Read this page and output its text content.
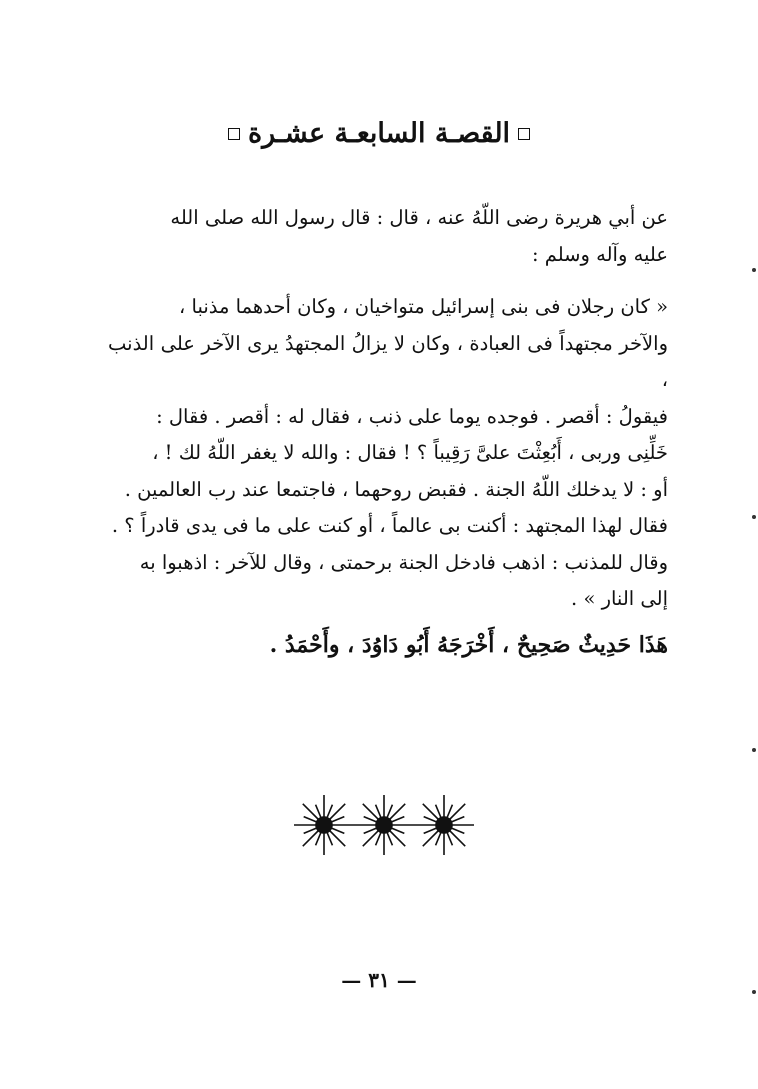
القصـة السابعـة عشـرة

عن أبي هريرة رضى اللّهُ عنه ، قال : قال رسول الله صلى الله

عليه وآله وسلم :

« كان رجلان فى بنى إسرائيل متواخيان ، وكان أحدهما مذنبا ،

والآخر مجتهداً فى العبادة ، وكان لا يزالُ المجتهدُ يرى الآخر على الذنب ،

فيقولُ : أقصر . فوجده يوما على ذنب ، فقال له : أقصر . فقال :

خَلِّنِى وربى ، أَبُعِثْتَ علىَّ رَقِيباً ؟ ! فقال : والله لا يغفر اللّهُ لك ! ،

أو : لا يدخلك اللّهُ الجنة . فقبض روحهما ، فاجتمعا عند رب العالمين .

فقال لهذا المجتهد : أكنت بى عالماً ، أو كنت على ما فى يدى قادراً ؟ .

وقال للمذنب : اذهب فادخل الجنة برحمتى ، وقال للآخر : اذهبوا به

إلى النار » .

هَذَا حَدِيثٌ صَحِيحٌ ، أَخْرَجَهُ أَبُو دَاوُدَ ، وأَحْمَدُ .
— ٣١ —
